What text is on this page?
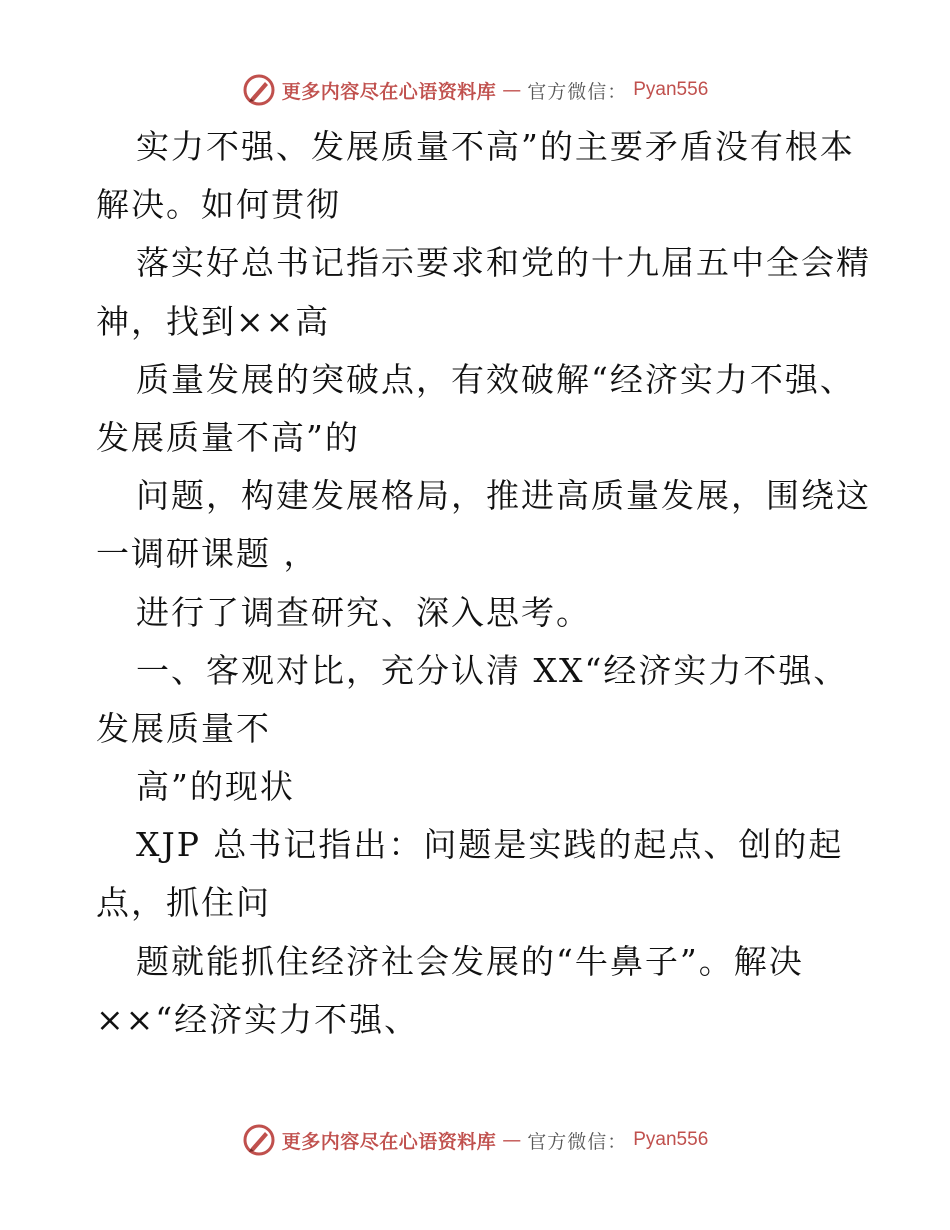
更多内容尽在心语资料库 — 官方微信： Pyan556
实力不强、发展质量不高”的主要矛盾没有根本
解决。如何贯彻
落实好总书记指示要求和党的十九届五中全会精
神，找到××高
质量发展的突破点，有效破解“经济实力不强、
发展质量不高”的
问题，构建发展格局，推进高质量发展，围绕这
一调研课题 ，
进行了调查研究、深入思考。
一、客观对比，充分认清 XX“经济实力不强、
发展质量不
高”的现状
XJP 总书记指出：问题是实践的起点、创的起
点，抓住问
题就能抓住经济社会发展的“牛鼻子”。解决
××“经济实力不强、
更多内容尽在心语资料库 — 官方微信： Pyan556
